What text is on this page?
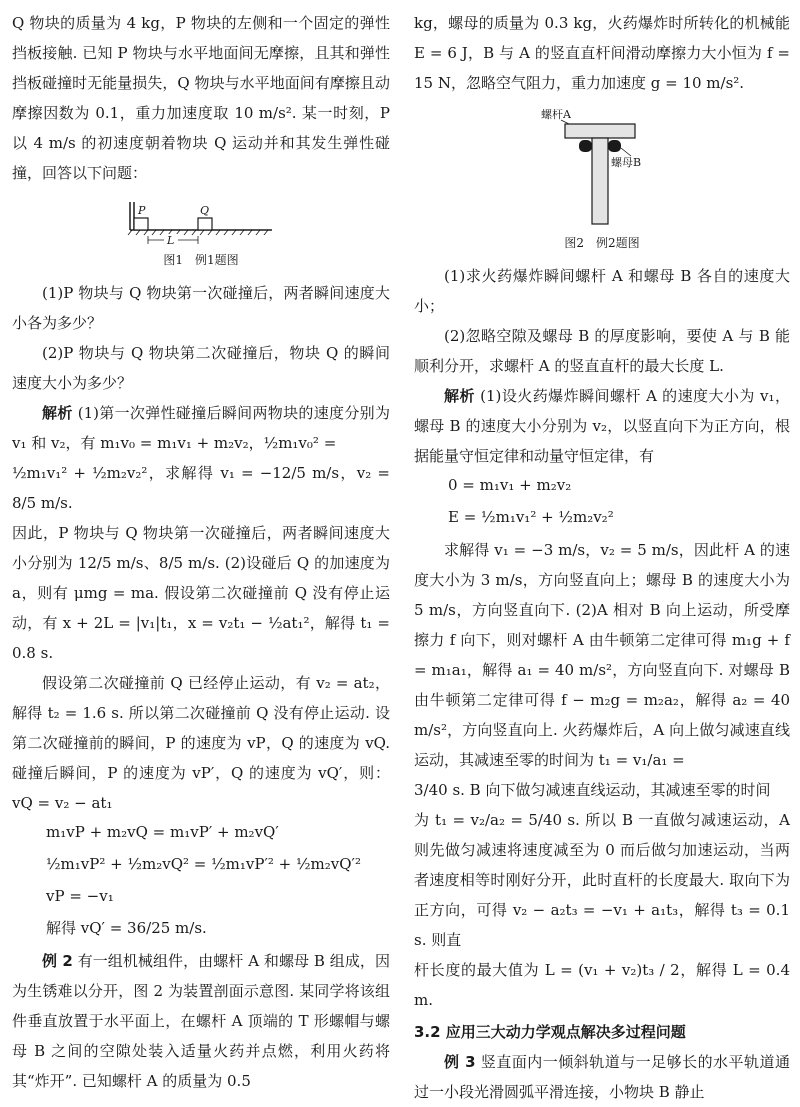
Q 物块的质量为 4 kg，P 物块的左侧和一个固定的弹性挡板接触. 已知 P 物块与水平地面间无摩擦，且其和弹性挡板碰撞时无能量损失，Q 物块与水平地面间有摩擦且动摩擦因数为 0.1，重力加速度取 10 m/s². 某一时刻，P 以 4 m/s 的初速度朝着物块 Q 运动并和其发生弹性碰撞，回答以下问题：

P	Q
L
图1　例1题图

(1)P 物块与 Q 物块第一次碰撞后，两者瞬间速度大小各为多少？

(2)P 物块与 Q 物块第二次碰撞后，物块 Q 的瞬间速度大小为多少？

解析 (1)第一次弹性碰撞后瞬间两物块的速度分别为 v₁ 和 v₂，有 m₁v₀ = m₁v₁ + m₂v₂，½m₁v₀² =

½m₁v₁² + ½m₂v₂²，求解得 v₁ = −12/5 m/s，v₂ = 8/5 m/s.

因此，P 物块与 Q 物块第一次碰撞后，两者瞬间速度大小分别为 12/5 m/s、8/5 m/s. (2)设碰后 Q 的加速度为 a，则有 μmg = ma. 假设第二次碰撞前 Q 没有停止运动，有 x + 2L = |v₁|t₁，x = v₂t₁ − ½at₁²，解得 t₁ = 0.8 s.

假设第二次碰撞前 Q 已经停止运动，有 v₂ = at₂，解得 t₂ = 1.6 s. 所以第二次碰撞前 Q 没有停止运动. 设第二次碰撞前的瞬间，P 的速度为 vP，Q 的速度为 vQ. 碰撞后瞬间，P 的速度为 vP′，Q 的速度为 vQ′，则：vQ = v₂ − at₁

m₁vP + m₂vQ = m₁vP′ + m₂vQ′

½m₁vP² + ½m₂vQ² = ½m₁vP′² + ½m₂vQ′²

vP = −v₁

解得 vQ′ = 36/25 m/s.

例 2 有一组机械组件，由螺杆 A 和螺母 B 组成，因为生锈难以分开，图 2 为装置剖面示意图. 某同学将该组件垂直放置于水平面上，在螺杆 A 顶端的 T 形螺帽与螺母 B 之间的空隙处装入适量火药并点燃，利用火药将其“炸开”. 已知螺杆 A 的质量为 0.5

kg，螺母的质量为 0.3 kg，火药爆炸时所转化的机械能 E = 6 J，B 与 A 的竖直直杆间滑动摩擦力大小恒为 f = 15 N，忽略空气阻力，重力加速度 g = 10 m/s².

螺杆A
螺母B
图2　例2题图

(1)求火药爆炸瞬间螺杆 A 和螺母 B 各自的速度大小；

(2)忽略空隙及螺母 B 的厚度影响，要使 A 与 B 能顺利分开，求螺杆 A 的竖直直杆的最大长度 L.

解析 (1)设火药爆炸瞬间螺杆 A 的速度大小为 v₁，螺母 B 的速度大小分别为 v₂，以竖直向下为正方向，根据能量守恒定律和动量守恒定律，有

0 = m₁v₁ + m₂v₂

E = ½m₁v₁² + ½m₂v₂²

求解得 v₁ = −3 m/s，v₂ = 5 m/s，因此杆 A 的速度大小为 3 m/s，方向竖直向上；螺母 B 的速度大小为 5 m/s，方向竖直向下. (2)A 相对 B 向上运动，所受摩擦力 f 向下，则对螺杆 A 由牛顿第二定律可得 m₁g + f = m₁a₁，解得 a₁ = 40 m/s²，方向竖直向下. 对螺母 B 由牛顿第二定律可得 f − m₂g = m₂a₂，解得 a₂ = 40 m/s²，方向竖直向上. 火药爆炸后，A 向上做匀减速直线运动，其减速至零的时间为 t₁ = v₁/a₁ =

3/40 s. B 向下做匀减速直线运动，其减速至零的时间

为 t₁ = v₂/a₂ = 5/40 s. 所以 B 一直做匀减速运动，A 则先做匀减速将速度减至为 0 而后做匀加速运动，当两者速度相等时刚好分开，此时直杆的长度最大. 取向下为正方向，可得 v₂ − a₂t₃ = −v₁ + a₁t₃，解得 t₃ = 0.1 s. 则直

杆长度的最大值为 L = (v₁ + v₂)t₃ / 2，解得 L = 0.4 m.

3.2 应用三大动力学观点解决多过程问题

例 3 竖直面内一倾斜轨道与一足够长的水平轨道通过一小段光滑圆弧平滑连接，小物块 B 静止
